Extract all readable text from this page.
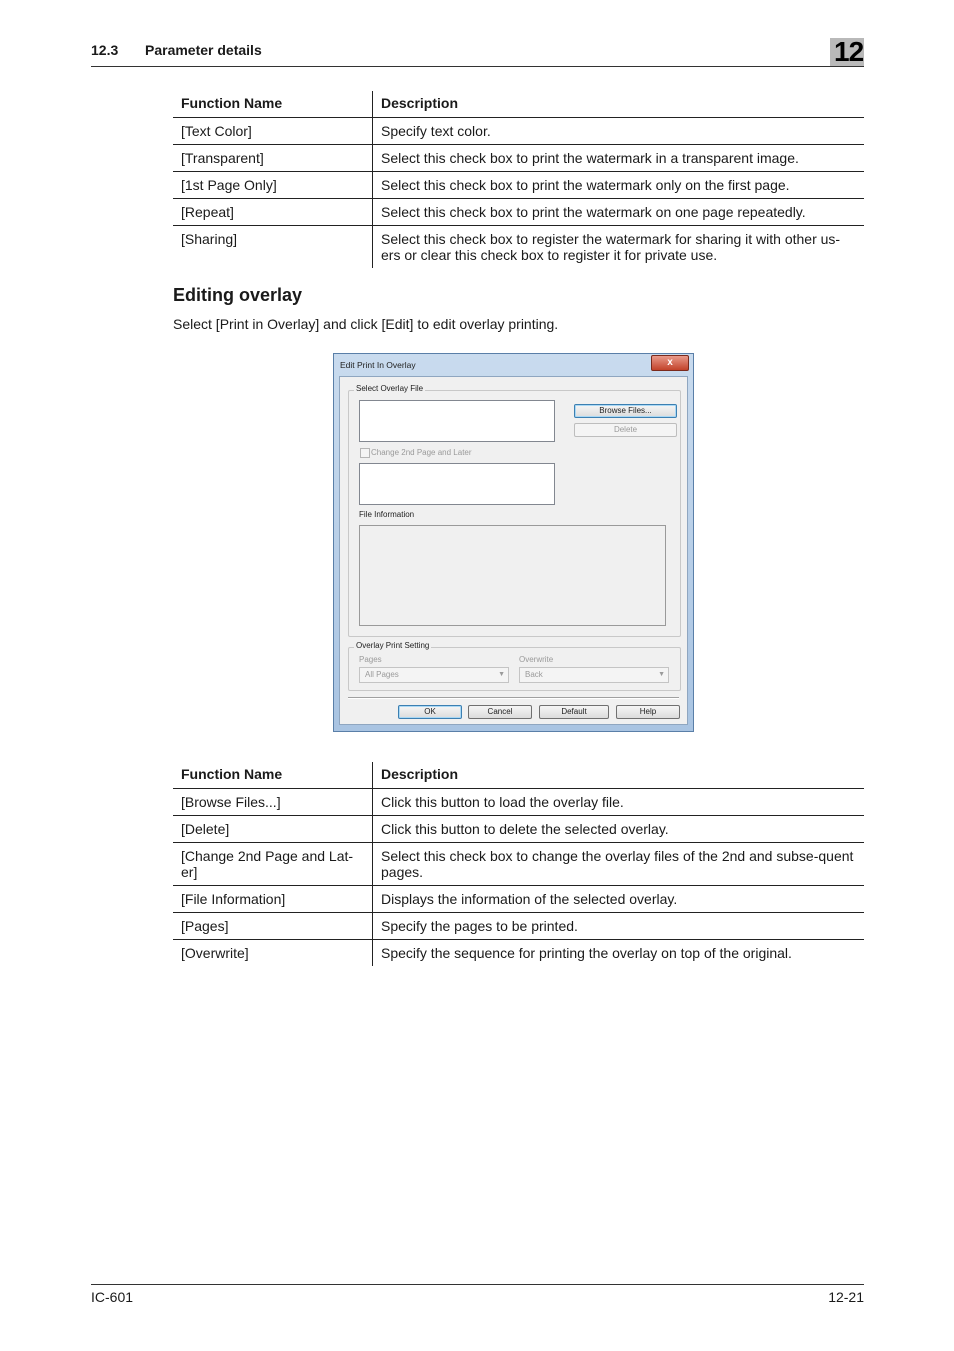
12.3 Parameter details	12
Function Name	Description
[Text Color]	Specify text color.
[Transparent]	Select this check box to print the watermark in a transparent image.
[1st Page Only]	Select this check box to print the watermark only on the first page.
[Repeat]	Select this check box to print the watermark on one page repeatedly.
[Sharing]	Select this check box to register the watermark for sharing it with other us-ers or clear this check box to register it for private use.
Editing overlay

Select [Print in Overlay] and click [Edit] to edit overlay printing.

Edit Print In Overlay	x
Select Overlay File
Browse Files...
Delete
Change 2nd Page and Later
File Information
Overlay Print Setting
Pages
All Pages	▼
Overwrite
Back	▼
OK	Cancel	Default	Help
Function Name	Description
[Browse Files...]	Click this button to load the overlay file.
[Delete]	Click this button to delete the selected overlay.
[Change 2nd Page and Lat-er]	Select this check box to change the overlay files of the 2nd and subse-quent pages.
[File Information]	Displays the information of the selected overlay.
[Pages]	Specify the pages to be printed.
[Overwrite]	Specify the sequence for printing the overlay on top of the original.
IC-601	12-21
